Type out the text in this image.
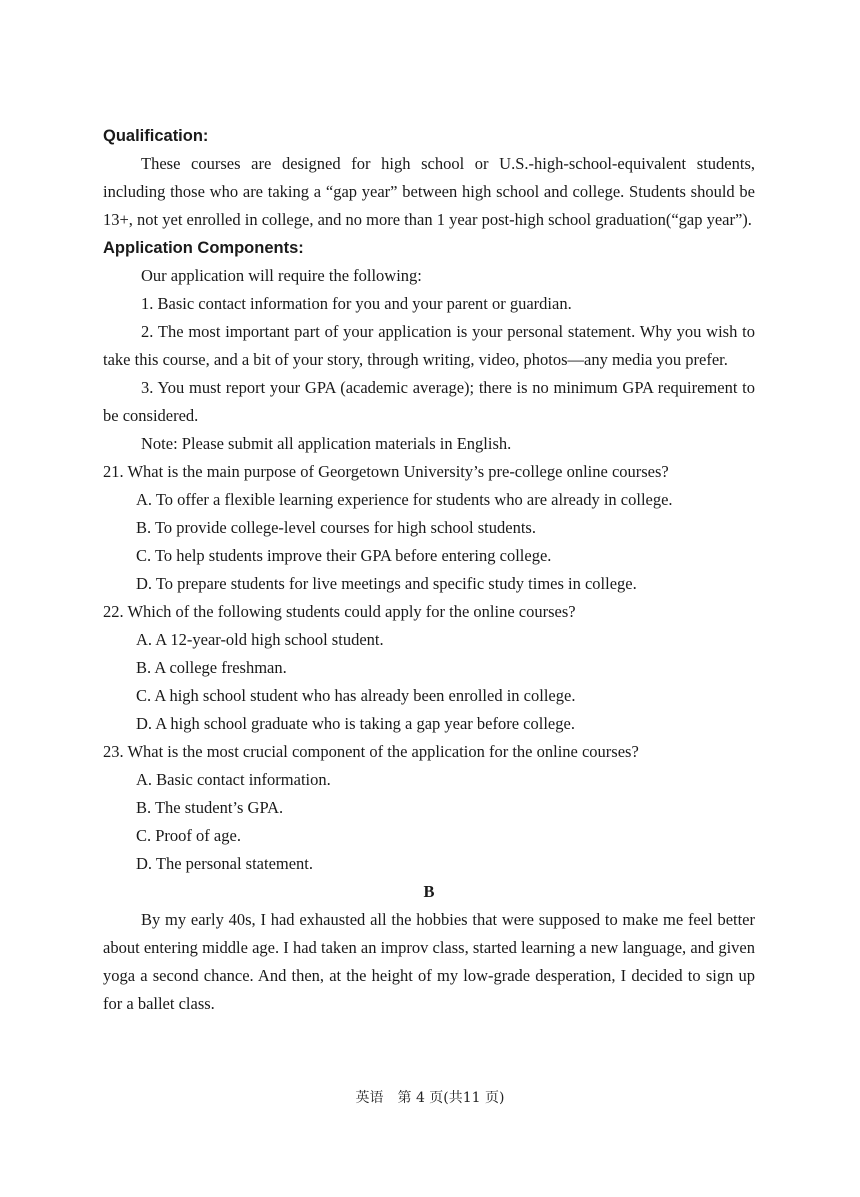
Qualification:

These courses are designed for high school or U.S.-high-school-equivalent students, including those who are taking a “gap year” between high school and college. Students should be 13+, not yet enrolled in college, and no more than 1 year post-high school graduation(“gap year”).

Application Components:

Our application will require the following:

1. Basic contact information for you and your parent or guardian.

2. The most important part of your application is your personal statement. Why you wish to take this course, and a bit of your story, through writing, video, photos—any media you prefer.

3. You must report your GPA (academic average); there is no minimum GPA requirement to be considered.

Note: Please submit all application materials in English.

21. What is the main purpose of Georgetown University’s pre-college online courses?

A. To offer a flexible learning experience for students who are already in college.

B. To provide college-level courses for high school students.

C. To help students improve their GPA before entering college.

D. To prepare students for live meetings and specific study times in college.

22. Which of the following students could apply for the online courses?

A. A 12-year-old high school student.

B. A college freshman.

C. A high school student who has already been enrolled in college.

D. A high school graduate who is taking a gap year before college.

23. What is the most crucial component of the application for the online courses?

A. Basic contact information.

B. The student’s GPA.

C. Proof of age.

D. The personal statement.

B

By my early 40s, I had exhausted all the hobbies that were supposed to make me feel better about entering middle age. I had taken an improv class, started learning a new language, and given yoga a second chance. And then, at the height of my low-grade desperation, I decided to sign up for a ballet class.

英语　第 4 页(共11 页)
